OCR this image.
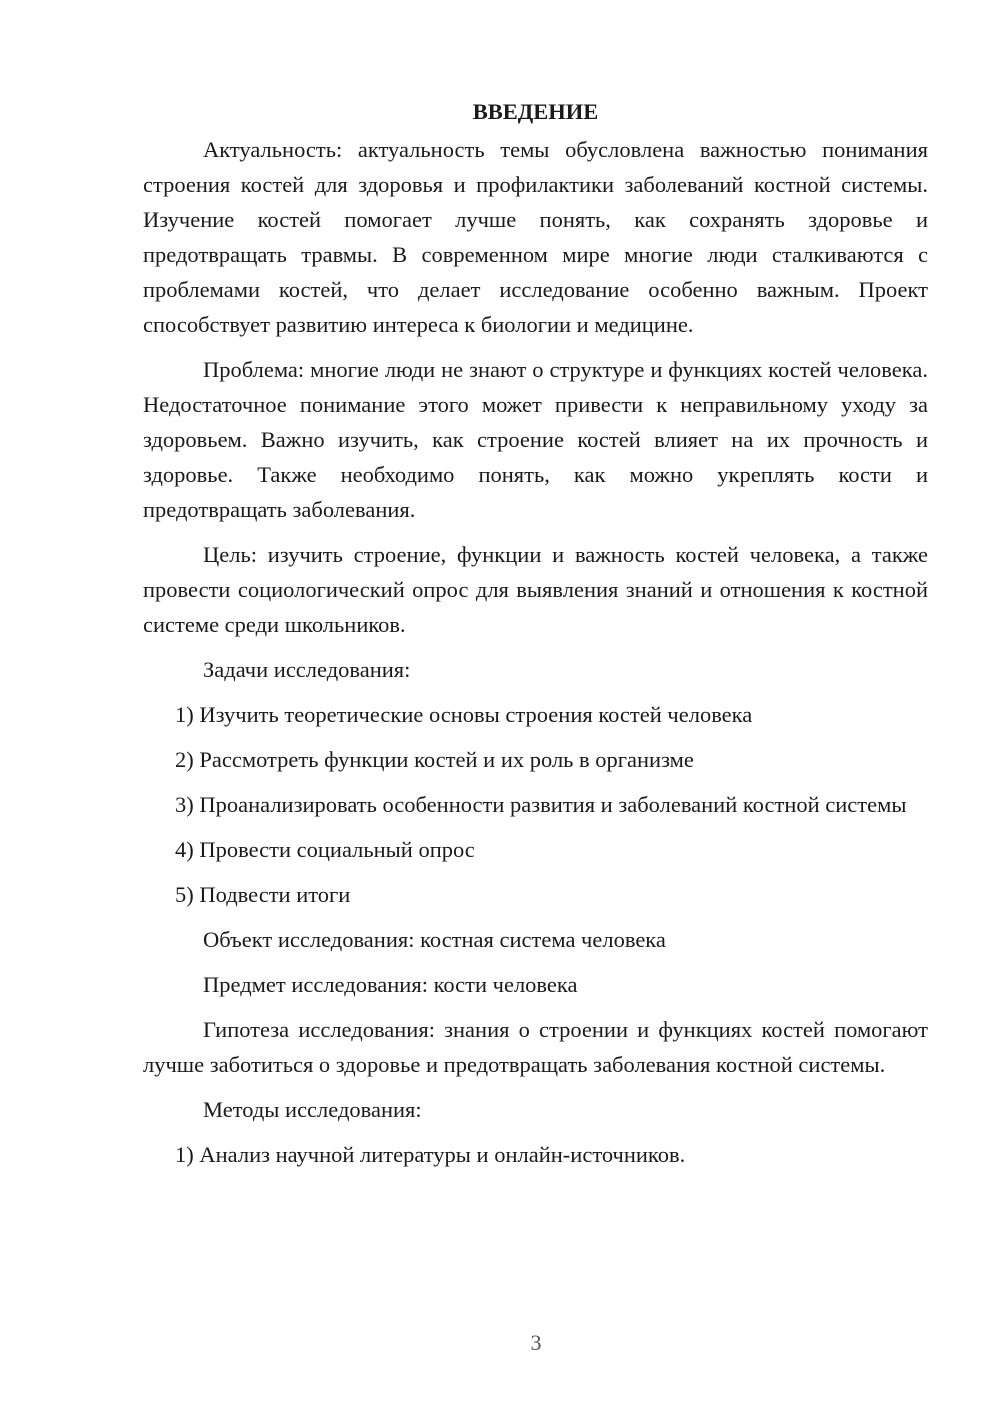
ВВЕДЕНИЕ

Актуальность: актуальность темы обусловлена важностью понимания строения костей для здоровья и профилактики заболеваний костной системы. Изучение костей помогает лучше понять, как сохранять здоровье и предотвращать травмы. В современном мире многие люди сталкиваются с проблемами костей, что делает исследование особенно важным. Проект способствует развитию интереса к биологии и медицине.

Проблема: многие люди не знают о структуре и функциях костей человека. Недостаточное понимание этого может привести к неправильному уходу за здоровьем. Важно изучить, как строение костей влияет на их прочность и здоровье. Также необходимо понять, как можно укреплять кости и предотвращать заболевания.

Цель: изучить строение, функции и важность костей человека, а также провести социологический опрос для выявления знаний и отношения к костной системе среди школьников.

Задачи исследования:

1) Изучить теоретические основы строения костей человека

2) Рассмотреть функции костей и их роль в организме

3) Проанализировать особенности развития и заболеваний костной системы

4) Провести социальный опрос

5) Подвести итоги

Объект исследования: костная система человека

Предмет исследования: кости человека

Гипотеза исследования: знания о строении и функциях костей помогают лучше заботиться о здоровье и предотвращать заболевания костной системы.

Методы исследования:

1) Анализ научной литературы и онлайн-источников.

3
